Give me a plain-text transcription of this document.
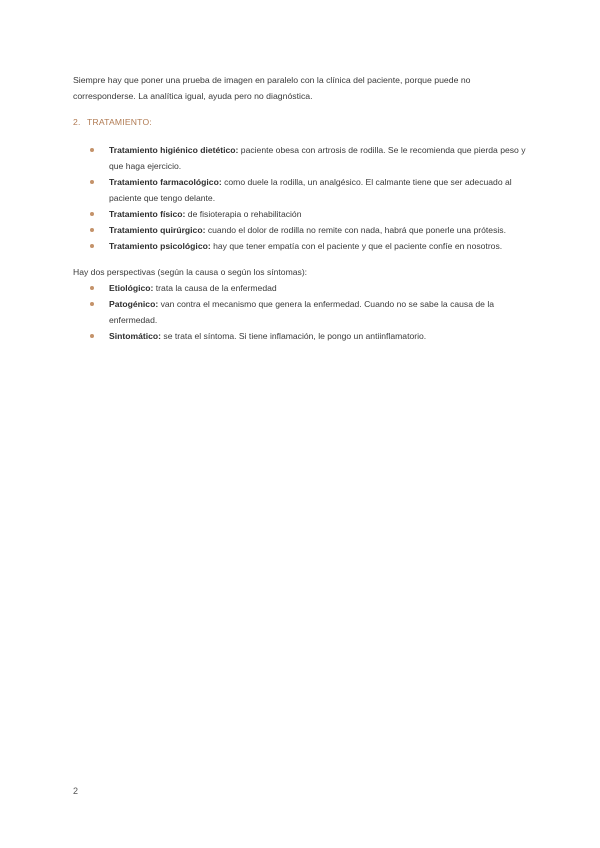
Siempre hay que poner una prueba de imagen en paralelo con la clínica del paciente, porque puede no corresponderse. La analítica igual, ayuda pero no diagnóstica.

2. TRATAMIENTO:
Tratamiento higiénico dietético: paciente obesa con artrosis de rodilla. Se le recomienda que pierda peso y que haga ejercicio.
Tratamiento farmacológico: como duele la rodilla, un analgésico. El calmante tiene que ser adecuado al paciente que tengo delante.
Tratamiento físico: de fisioterapia o rehabilitación
Tratamiento quirúrgico: cuando el dolor de rodilla no remite con nada, habrá que ponerle una prótesis.
Tratamiento psicológico: hay que tener empatía con el paciente y que el paciente confíe en nosotros.

Hay dos perspectivas (según la causa o según los síntomas):

Etiológico: trata la causa de la enfermedad
Patogénico: van contra el mecanismo que genera la enfermedad. Cuando no se sabe la causa de la enfermedad.
Sintomático: se trata el síntoma. Si tiene inflamación, le pongo un antiinflamatorio.
2
